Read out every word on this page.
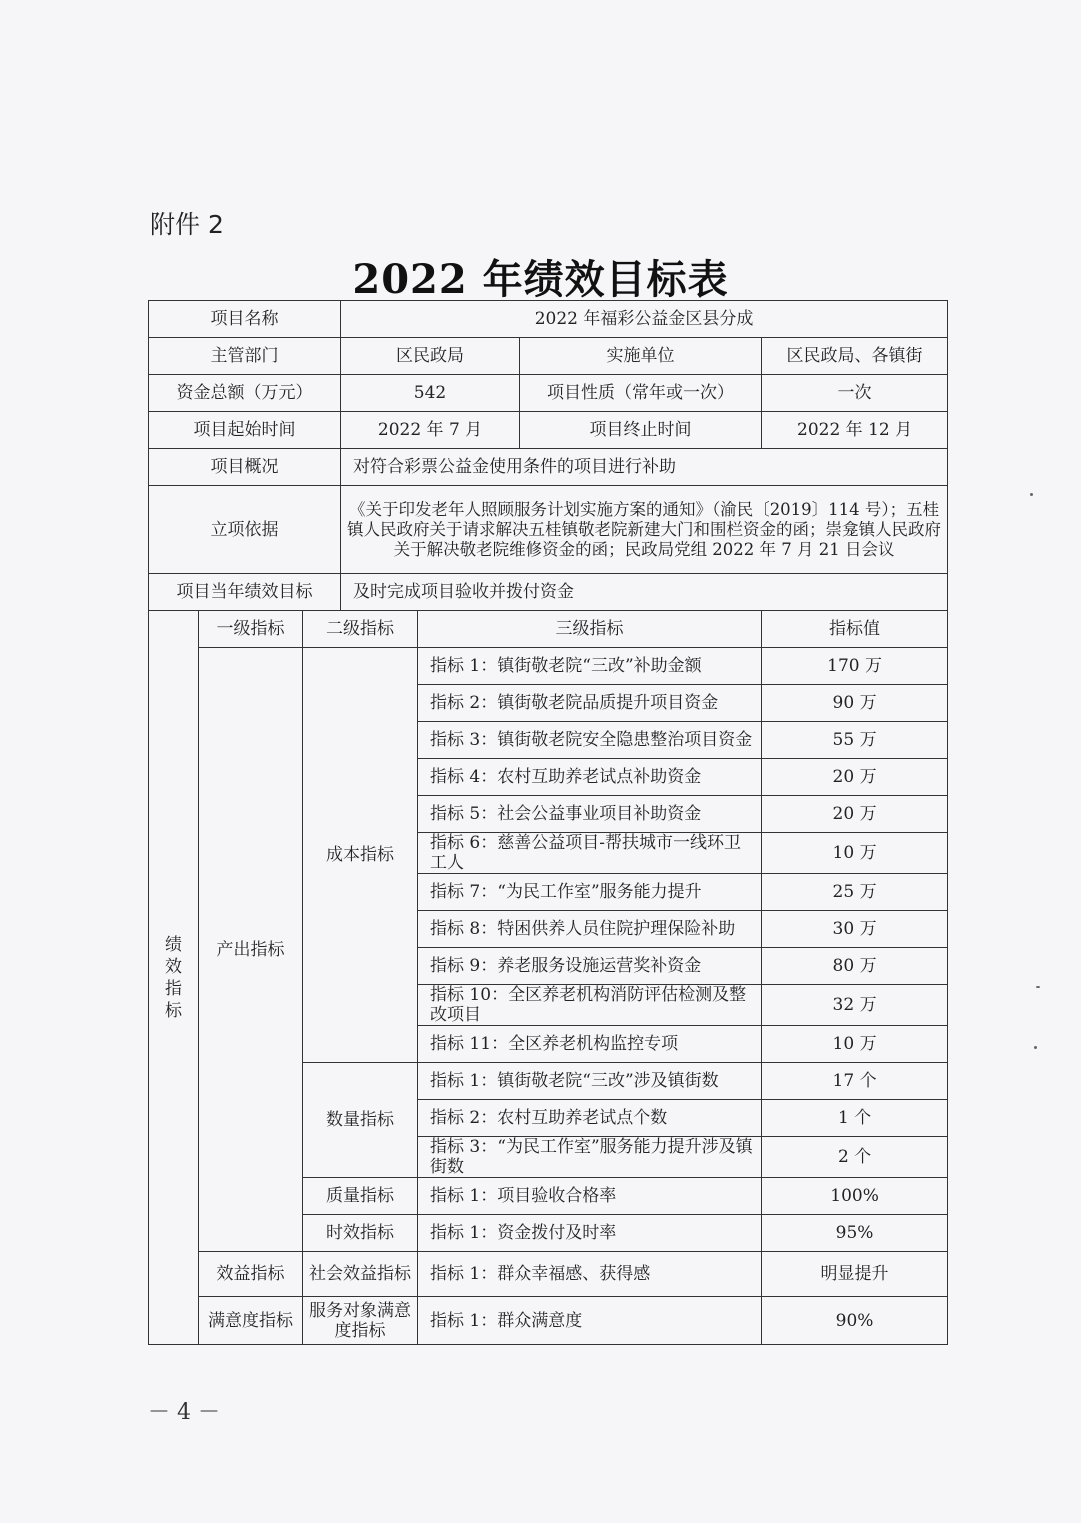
附件 2
2022 年绩效目标表
项目名称			2022 年福彩公益金区县分成			
主管部门			区民政局		实施单位	区民政局、各镇街
资金总额（万元）			542		项目性质（常年或一次）	一次
项目起始时间			2022 年 7 月		项目终止时间	2022 年 12 月
项目概况			对符合彩票公益金使用条件的项目进行补助			
立项依据			《关于印发老年人照顾服务计划实施方案的通知》（渝民〔2019〕114 号）；五桂镇人民政府关于请求解决五桂镇敬老院新建大门和围栏资金的函；崇龛镇人民政府关于解决敬老院维修资金的函；民政局党组 2022 年 7 月 21 日会议			
项目当年绩效目标			及时完成项目验收并拨付资金			

绩效指标	一级指标	二级指标		三级指标		指标值
	产出指标	成本指标		指标 1：镇街敬老院“三改”补助金额		170 万
				指标 2：镇街敬老院品质提升项目资金		90 万
				指标 3：镇街敬老院安全隐患整治项目资金		55 万
				指标 4：农村互助养老试点补助资金		20 万
				指标 5：社会公益事业项目补助资金		20 万
				指标 6：慈善公益项目-帮扶城市一线环卫工人		10 万
				指标 7：“为民工作室”服务能力提升		25 万
				指标 8：特困供养人员住院护理保险补助		30 万
				指标 9：养老服务设施运营奖补资金		80 万
				指标 10：全区养老机构消防评估检测及整改项目		32 万
				指标 11：全区养老机构监控专项		10 万
		数量指标		指标 1：镇街敬老院“三改”涉及镇街数		17 个
				指标 2：农村互助养老试点个数		1 个
				指标 3：“为民工作室”服务能力提升涉及镇街数		2 个
		质量指标		指标 1：项目验收合格率		100%
		时效指标		指标 1：资金拨付及时率		95%
	效益指标	社会效益指标		指标 1：群众幸福感、获得感		明显提升
	满意度指标	服务对象满意度指标		指标 1：群众满意度		90%
－ 4 －
